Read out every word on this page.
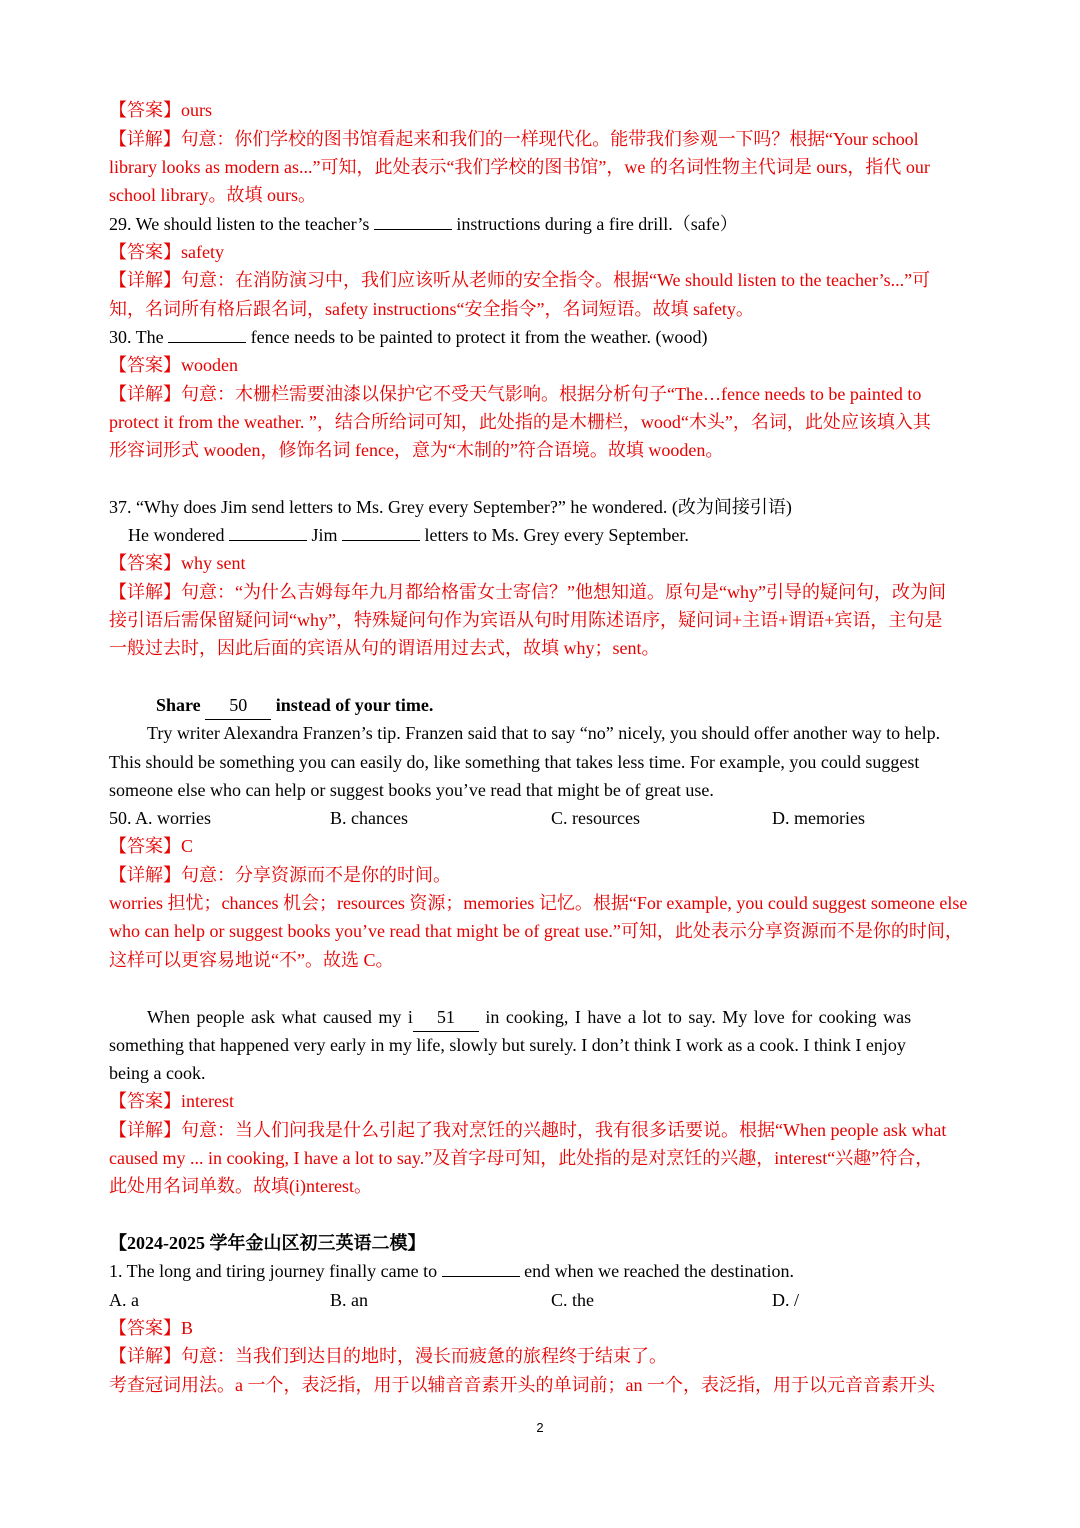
【答案】ours
【详解】句意：你们学校的图书馆看起来和我们的一样现代化。能带我们参观一下吗？根据“Your school
library looks as modern as...”可知，此处表示“我们学校的图书馆”，we 的名词性物主代词是 ours，指代 our
school library。故填 ours。
29. We should listen to the teacher’s	instructions during a fire drill.（safe）
【答案】safety
【详解】句意：在消防演习中，我们应该听从老师的安全指令。根据“We should listen to the teacher’s...”可
知，名词所有格后跟名词，safety instructions“安全指令”，名词短语。故填 safety。
30. The	fence needs to be painted to protect it from the weather. (wood)
【答案】wooden
【详解】句意：木栅栏需要油漆以保护它不受天气影响。根据分析句子“The…fence needs to be painted to
protect it from the weather. ”，结合所给词可知，此处指的是木栅栏，wood“木头”，名词，此处应该填入其
形容词形式 wooden，修饰名词 fence，意为“木制的”符合语境。故填 wooden。
37. “Why does Jim send letters to Ms. Grey every September?” he wondered. (改为间接引语)
He wondered	Jim	letters to Ms. Grey every September.
【答案】why sent
【详解】句意：“为什么吉姆每年九月都给格雷女士寄信？”他想知道。原句是“why”引导的疑问句，改为间
接引语后需保留疑问词“why”，特殊疑问句作为宾语从句时用陈述语序，疑问词+主语+谓语+宾语，主句是
一般过去时，因此后面的宾语从句的谓语用过去式，故填 why；sent。
Share 50 instead of your time.
Try writer Alexandra Franzen’s tip. Franzen said that to say “no” nicely, you should offer another way to help.
This should be something you can easily do, like something that takes less time. For example, you could suggest
someone else who can help or suggest books you’ve read that might be of great use.
50. A. worries	B. chances	C. resources	D. memories
【答案】C
【详解】句意：分享资源而不是你的时间。
worries 担忧；chances 机会；resources 资源；memories 记忆。根据“For example, you could suggest someone else
who can help or suggest books you’ve read that might be of great use.”可知，此处表示分享资源而不是你的时间，
这样可以更容易地说“不”。故选 C。
When people ask what caused my i 51 in cooking, I have a lot to say. My love for cooking was
something that happened very early in my life, slowly but surely. I don’t think I work as a cook. I think I enjoy
being a cook.
【答案】interest
【详解】句意：当人们问我是什么引起了我对烹饪的兴趣时，我有很多话要说。根据“When people ask what
caused my ... in cooking, I have a lot to say.”及首字母可知，此处指的是对烹饪的兴趣，interest“兴趣”符合，
此处用名词单数。故填(i)nterest。
【2024-2025 学年金山区初三英语二模】
1. The long and tiring journey finally came to	end when we reached the destination.
A. a	B. an	C. the	D. /
【答案】B
【详解】句意：当我们到达目的地时，漫长而疲惫的旅程终于结束了。
考查冠词用法。a 一个，表泛指，用于以辅音音素开头的单词前；an 一个，表泛指，用于以元音音素开头
2
